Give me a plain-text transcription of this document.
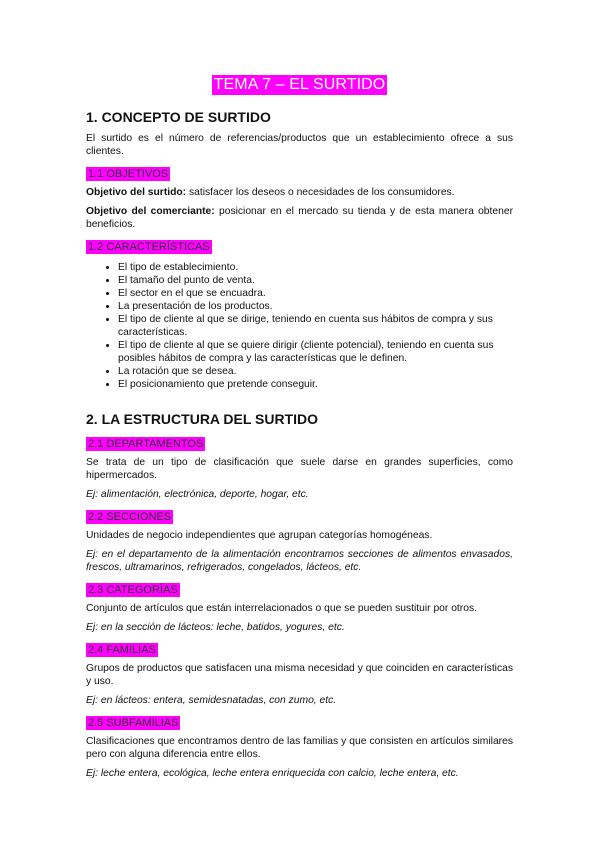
TEMA 7 – EL SURTIDO
1. CONCEPTO DE SURTIDO

El surtido es el número de referencias/productos que un establecimiento ofrece a sus clientes.

1.1 OBJETIVOS

Objetivo del surtido: satisfacer los deseos o necesidades de los consumidores.

Objetivo del comerciante: posicionar en el mercado su tienda y de esta manera obtener beneficios.

1.2 CARACTERÍSTICAS
• El tipo de establecimiento.
• El tamaño del punto de venta.
• El sector en el que se encuadra.
• La presentación de los productos.
• El tipo de cliente al que se dirige, teniendo en cuenta sus hábitos de compra y sus características.
• El tipo de cliente al que se quiere dirigir (cliente potencial), teniendo en cuenta sus posibles hábitos de compra y las características que le definen.
• La rotación que se desea.
• El posicionamiento que pretende conseguir.
2. LA ESTRUCTURA DEL SURTIDO
2.1 DEPARTAMENTOS

Se trata de un tipo de clasificación que suele darse en grandes superficies, como hipermercados.

Ej: alimentación, electrónica, deporte, hogar, etc.

2.2 SECCIONES

Unidades de negocio independientes que agrupan categorías homogéneas.

Ej: en el departamento de la alimentación encontramos secciones de alimentos envasados, frescos, ultramarinos, refrigerados, congelados, lácteos, etc.

2.3 CATEGORÍAS

Conjunto de artículos que están interrelacionados o que se pueden sustituir por otros.

Ej: en la sección de lácteos: leche, batidos, yogures, etc.

2.4 FAMILIAS

Grupos de productos que satisfacen una misma necesidad y que coinciden en características y uso.

Ej: en lácteos: entera, semidesnatadas, con zumo, etc.

2.5 SUBFAMILIAS

Clasificaciones que encontramos dentro de las familias y que consisten en artículos similares pero con alguna diferencia entre ellos.

Ej: leche entera, ecológica, leche entera enriquecida con calcio, leche entera, etc.
